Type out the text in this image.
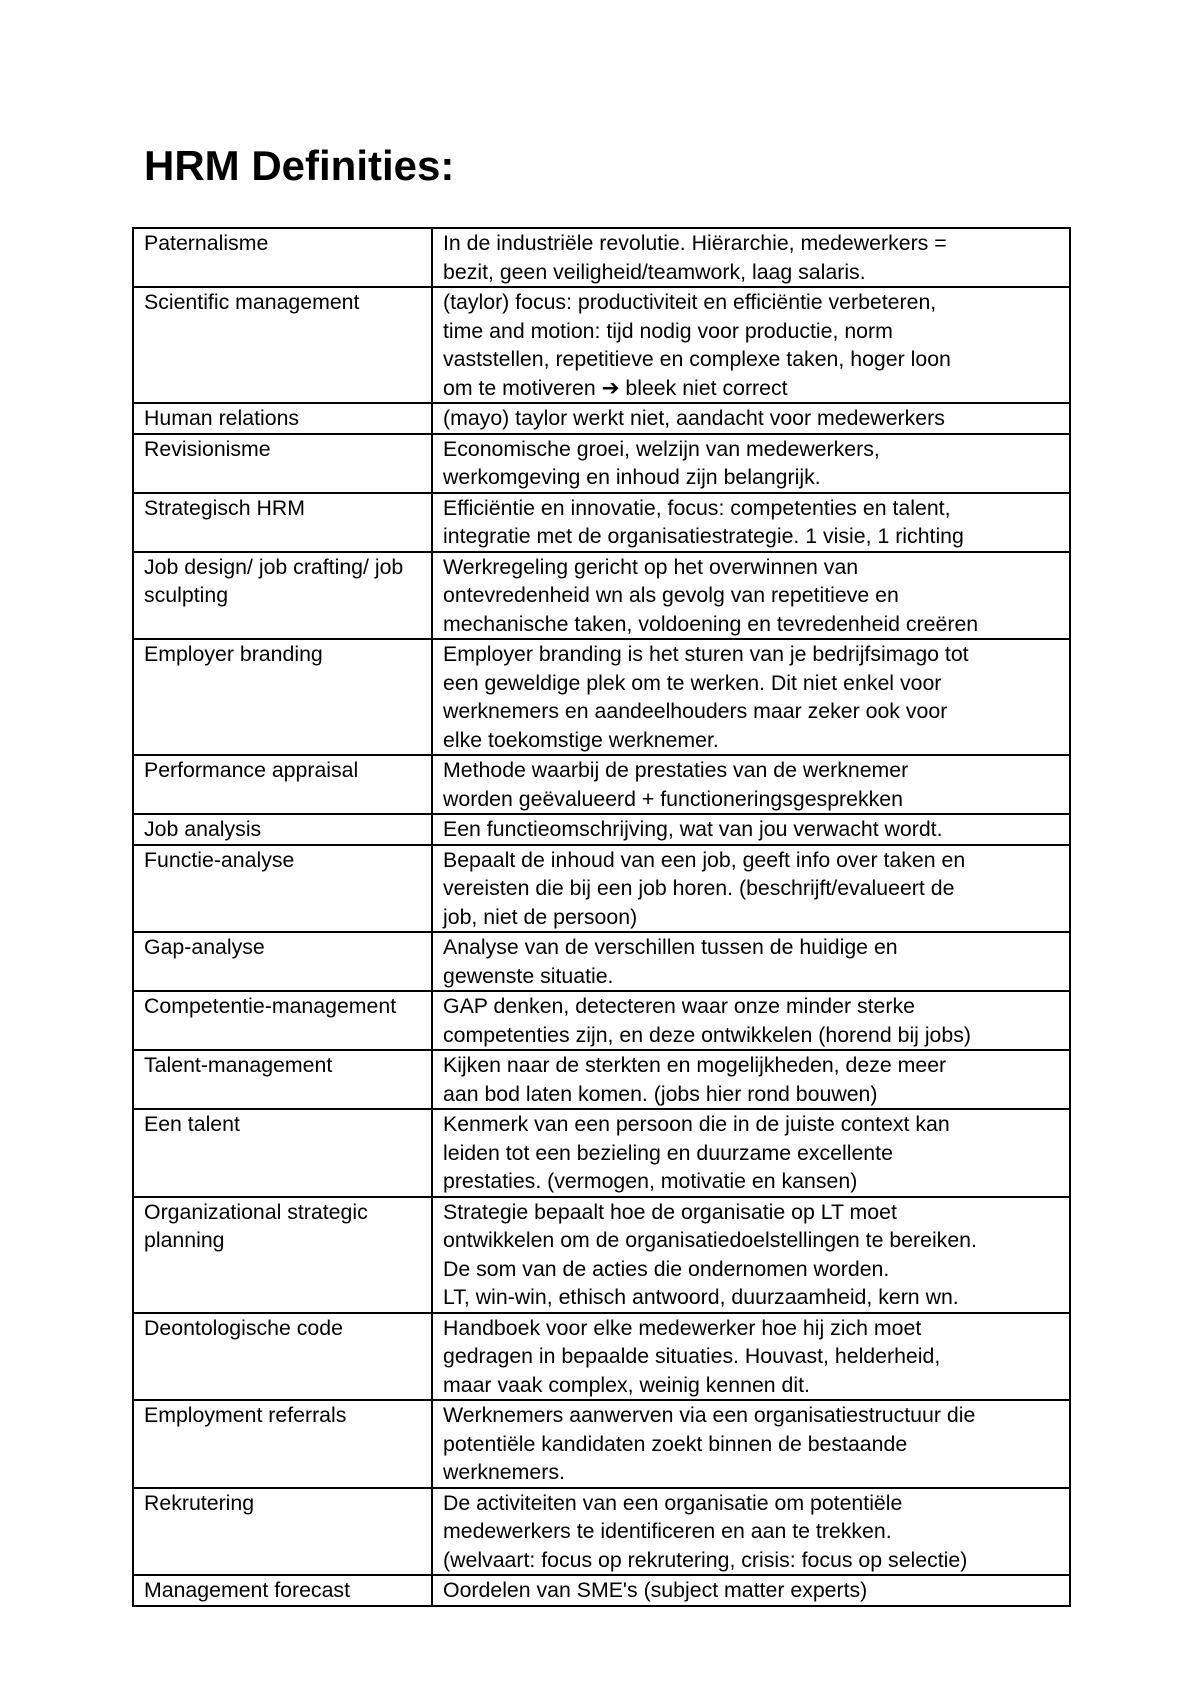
HRM Definities:
Paternalisme	In de industriële revolutie. Hiërarchie, medewerkers =
bezit, geen veiligheid/teamwork, laag salaris.
Scientific management	(taylor) focus: productiviteit en efficiëntie verbeteren,
time and motion: tijd nodig voor productie, norm
vaststellen, repetitieve en complexe taken, hoger loon
om te motiveren ➔ bleek niet correct
Human relations	(mayo) taylor werkt niet, aandacht voor medewerkers
Revisionisme	Economische groei, welzijn van medewerkers,
werkomgeving en inhoud zijn belangrijk.
Strategisch HRM	Efficiëntie en innovatie, focus: competenties en talent,
integratie met de organisatiestrategie. 1 visie, 1 richting
Job design/ job crafting/ job sculpting	Werkregeling gericht op het overwinnen van
ontevredenheid wn als gevolg van repetitieve en
mechanische taken, voldoening en tevredenheid creëren
Employer branding	Employer branding is het sturen van je bedrijfsimago tot
een geweldige plek om te werken. Dit niet enkel voor
werknemers en aandeelhouders maar zeker ook voor
elke toekomstige werknemer.
Performance appraisal	Methode waarbij de prestaties van de werknemer
worden geëvalueerd + functioneringsgesprekken
Job analysis	Een functieomschrijving, wat van jou verwacht wordt.
Functie-analyse	Bepaalt de inhoud van een job, geeft info over taken en
vereisten die bij een job horen. (beschrijft/evalueert de
job, niet de persoon)
Gap-analyse	Analyse van de verschillen tussen de huidige en
gewenste situatie.
Competentie-management	GAP denken, detecteren waar onze minder sterke
competenties zijn, en deze ontwikkelen (horend bij jobs)
Talent-management	Kijken naar de sterkten en mogelijkheden, deze meer
aan bod laten komen. (jobs hier rond bouwen)
Een talent	Kenmerk van een persoon die in de juiste context kan
leiden tot een bezieling en duurzame excellente
prestaties. (vermogen, motivatie en kansen)
Organizational strategic planning	Strategie bepaalt hoe de organisatie op LT moet
ontwikkelen om de organisatiedoelstellingen te bereiken.
De som van de acties die ondernomen worden.
LT, win-win, ethisch antwoord, duurzaamheid, kern wn.
Deontologische code	Handboek voor elke medewerker hoe hij zich moet
gedragen in bepaalde situaties. Houvast, helderheid,
maar vaak complex, weinig kennen dit.
Employment referrals	Werknemers aanwerven via een organisatiestructuur die
potentiële kandidaten zoekt binnen de bestaande
werknemers.
Rekrutering	De activiteiten van een organisatie om potentiële
medewerkers te identificeren en aan te trekken.
(welvaart: focus op rekrutering, crisis: focus op selectie)
Management forecast	Oordelen van SME's (subject matter experts)
